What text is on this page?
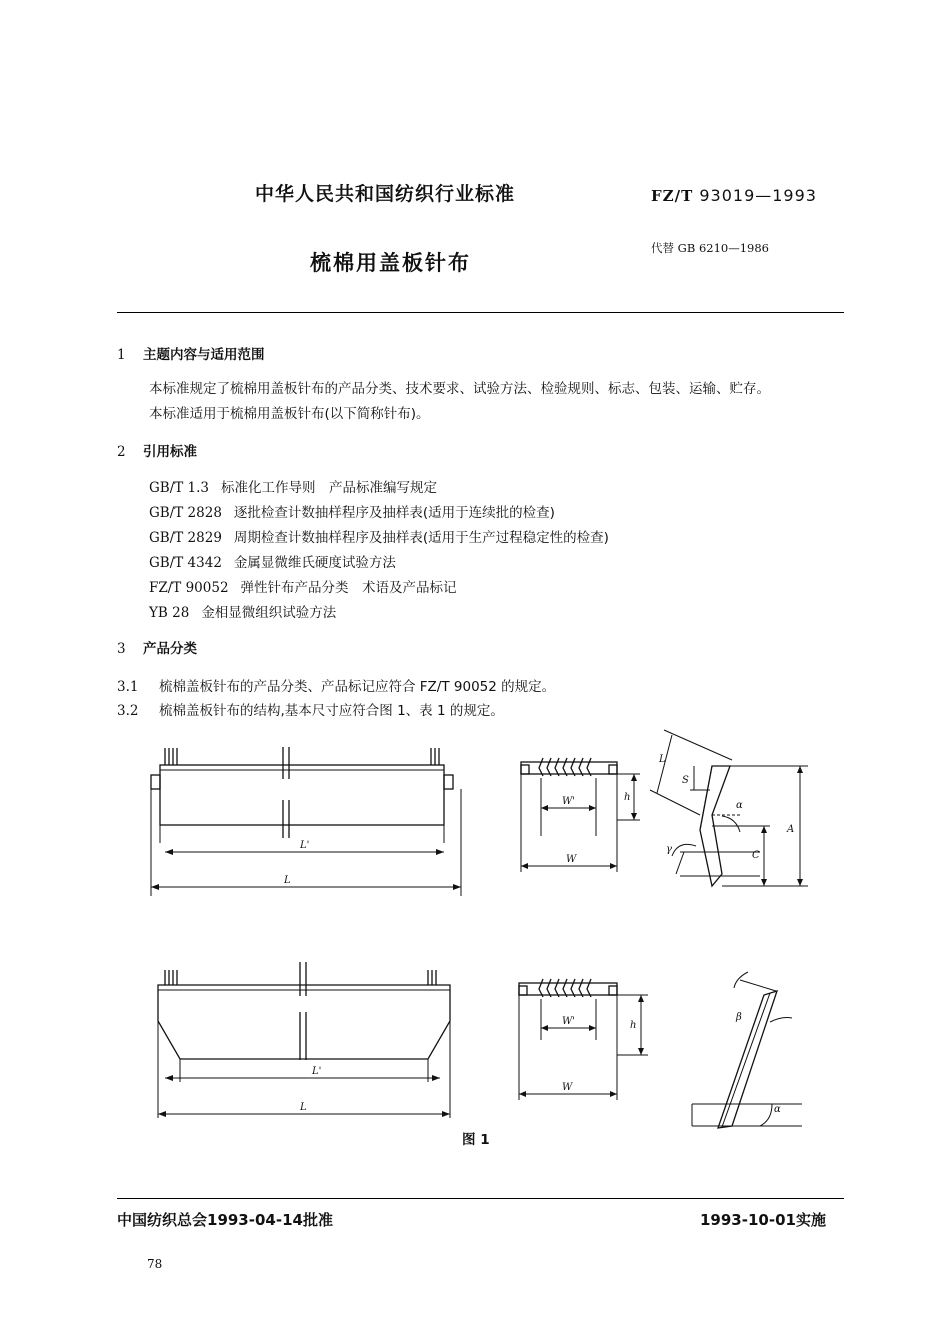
中华人民共和国纺织行业标准	FZ/T 93019—1993
梳棉用盖板针布
代替 GB 6210—1986
1 主题内容与适用范围
本标准规定了梳棉用盖板针布的产品分类、技术要求、试验方法、检验规则、标志、包装、运输、贮存。
本标准适用于梳棉用盖板针布(以下简称针布)。
2 引用标准
GB/T 1.3 标准化工作导则　产品标准编写规定
GB/T 2828 逐批检查计数抽样程序及抽样表(适用于连续批的检查)
GB/T 2829 周期检查计数抽样程序及抽样表(适用于生产过程稳定性的检查)
GB/T 4342 金属显微维氏硬度试验方法
FZ/T 90052 弹性针布产品分类　术语及产品标记
YB 28 金相显微组织试验方法
3 产品分类
3.1 梳棉盖板针布的产品分类、产品标记应符合 FZ/T 90052 的规定。
3.2 梳棉盖板针布的结构,基本尺寸应符合图 1、表 1 的规定。
L'
L
W'
W
h
L
S
α
A
C
γ
L'
L
W'
W
h
β
α
图 1
中国纺织总会1993-04-14批准	1993-10-01实施
78
